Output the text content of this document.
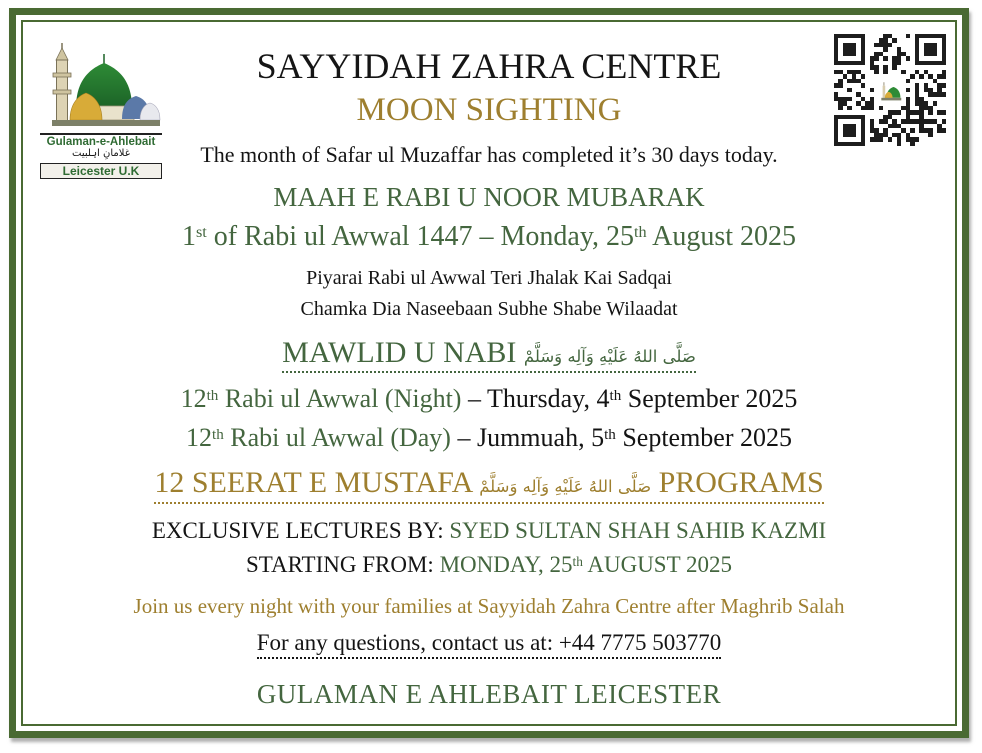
Gulaman-e-Ahlebait
غلامانِ اہلبیت
Leicester U.K
SAYYIDAH ZAHRA CENTRE
MOON SIGHTING

The month of Safar ul Muzaffar has completed it’s 30 days today.

MAAH E RABI U NOOR MUBARAK

1st of Rabi ul Awwal 1447 – Monday, 25th August 2025

Piyarai Rabi ul Awwal Teri Jhalak Kai Sadqai

Chamka Dia Naseebaan Subhe Shabe Wilaadat

MAWLID U NABI صَلَّى اللهُ عَلَيْهِ وَآلِه وَسَلَّمْ

12th Rabi ul Awwal (Night) – Thursday, 4th September 2025

12th Rabi ul Awwal (Day) – Jummuah, 5th September 2025

12 SEERAT E MUSTAFA صَلَّى اللهُ عَلَيْهِ وَآلِه وَسَلَّمْ PROGRAMS

EXCLUSIVE LECTURES BY: SYED SULTAN SHAH SAHIB KAZMI

STARTING FROM: MONDAY, 25th AUGUST 2025

Join us every night with your families at Sayyidah Zahra Centre after Maghrib Salah

For any questions, contact us at: +44 7775 503770

GULAMAN E AHLEBAIT LEICESTER
